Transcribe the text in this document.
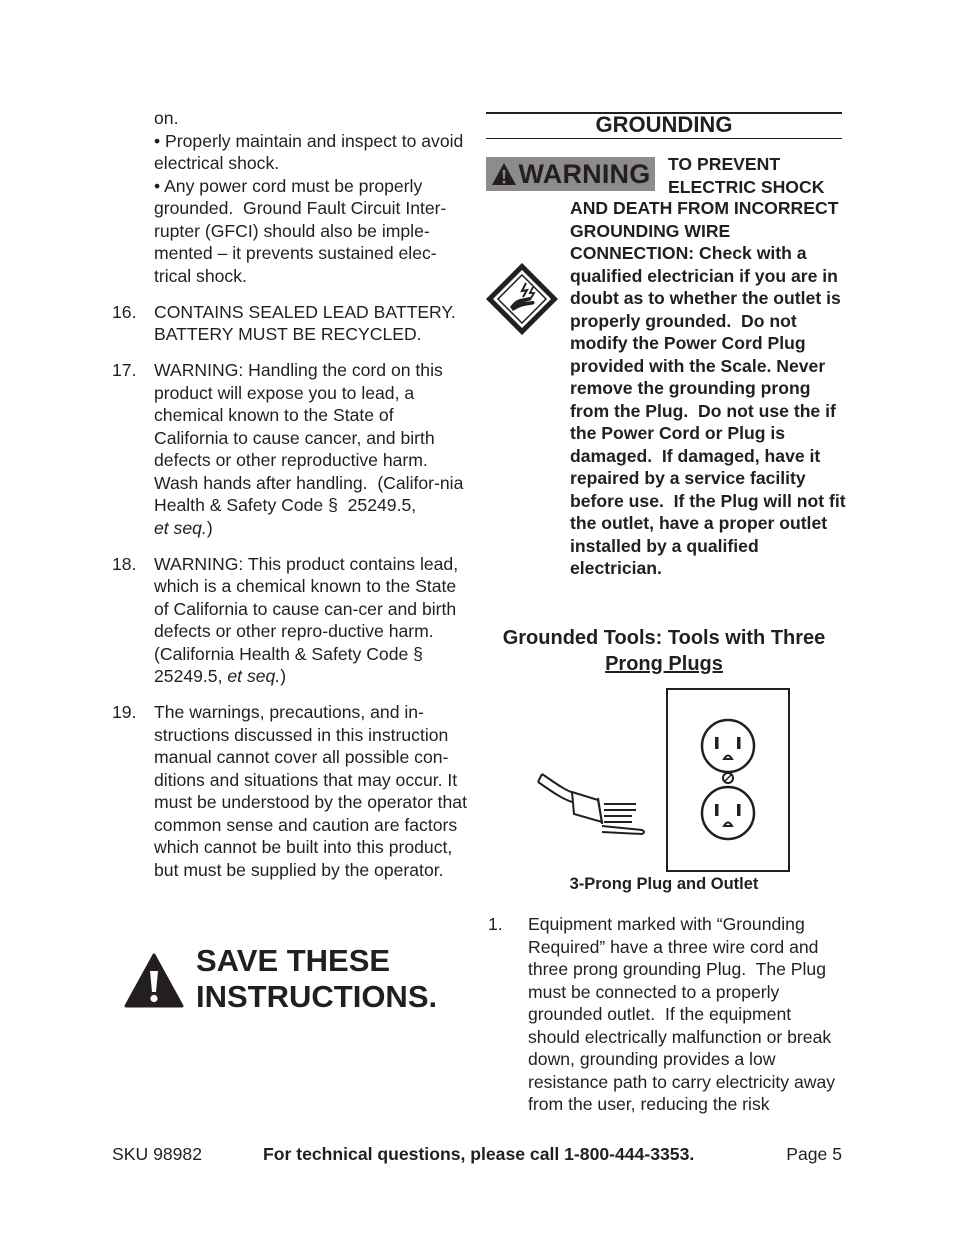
on.

• Properly maintain and inspect to avoid electrical shock.

• Any power cord must be properly grounded.  Ground Fault Circuit Inter-rupter (GFCI) should also be imple-mented – it prevents sustained elec-trical shock.

16. CONTAINS SEALED LEAD BATTERY. BATTERY MUST BE RECYCLED.
17. WARNING: Handling the cord on this product will expose you to lead, a chemical known to the State of California to cause cancer, and birth defects or other reproductive harm. Wash hands after handling.  (Califor-nia Health & Safety Code §  25249.5,
et seq.)
18. WARNING: This product contains lead, which is a chemical known to the State of California to cause can-cer and birth defects or other repro-ductive harm. (California Health & Safety Code § 25249.5, et seq.)
19. The warnings, precautions, and in-structions discussed in this instruction manual cannot cover all possible con-ditions and situations that may occur. It must be understood by the operator that common sense and caution are factors which cannot be built into this product, but must be supplied by the operator.
SAVE THESE
INSTRUCTIONS.
GROUNDING
WARNING TO PREVENT
ELECTRIC SHOCK
AND DEATH FROM INCORRECT GROUNDING WIRE CONNECTION: Check with a qualified electrician if you are in doubt as to whether the outlet is properly grounded.  Do not modify the Power Cord Plug provided with the Scale. Never remove the grounding prong from the Plug.  Do not use the if the Power Cord or Plug is damaged.  If damaged, have it repaired by a service facility before use.  If the Plug will not fit the outlet, have a proper outlet installed by a qualified electrician.
Grounded Tools: Tools with Three
Prong Plugs
3-Prong Plug and Outlet
1.	Equipment marked with “Grounding Required” have a three wire cord and three prong grounding Plug.  The Plug must be connected to a properly grounded outlet.  If the equipment should electrically malfunction or break down, grounding provides a low resistance path to carry electricity away from the user, reducing the risk
SKU 98982	For technical questions, please call 1-800-444-3353.	Page 5
